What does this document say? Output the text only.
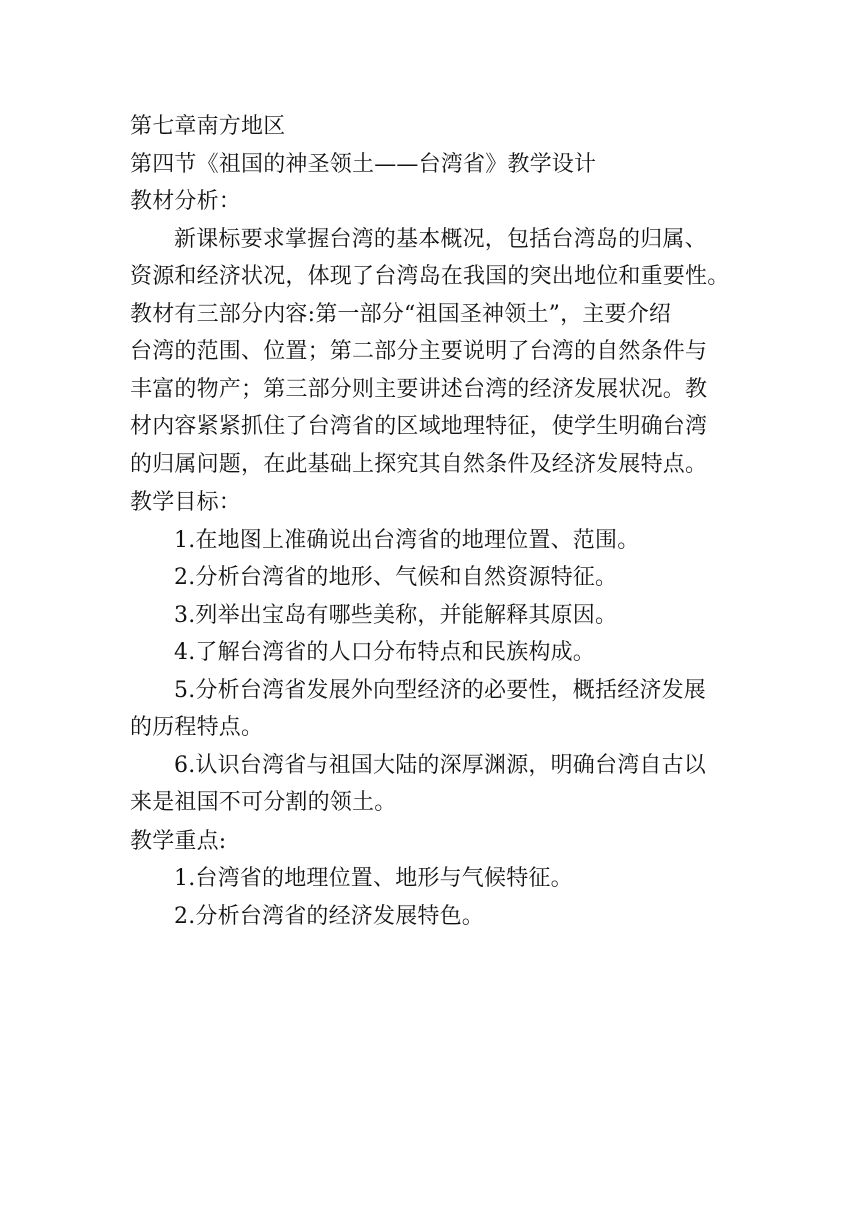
第七章南方地区
第四节《祖国的神圣领土——台湾省》教学设计
教材分析：
新课标要求掌握台湾的基本概况，包括台湾岛的归属、
资源和经济状况，体现了台湾岛在我国的突出地位和重要性。
教材有三部分内容:第一部分“祖国圣神领土”，主要介绍
台湾的范围、位置；第二部分主要说明了台湾的自然条件与
丰富的物产；第三部分则主要讲述台湾的经济发展状况。教
材内容紧紧抓住了台湾省的区域地理特征，使学生明确台湾
的归属问题，在此基础上探究其自然条件及经济发展特点。
教学目标：
1.在地图上准确说出台湾省的地理位置、范围。
2.分析台湾省的地形、气候和自然资源特征。
3.列举出宝岛有哪些美称，并能解释其原因。
4.了解台湾省的人口分布特点和民族构成。
5.分析台湾省发展外向型经济的必要性，概括经济发展
的历程特点。
6.认识台湾省与祖国大陆的深厚渊源，明确台湾自古以
来是祖国不可分割的领土。
教学重点:
1.台湾省的地理位置、地形与气候特征。
2.分析台湾省的经济发展特色。
